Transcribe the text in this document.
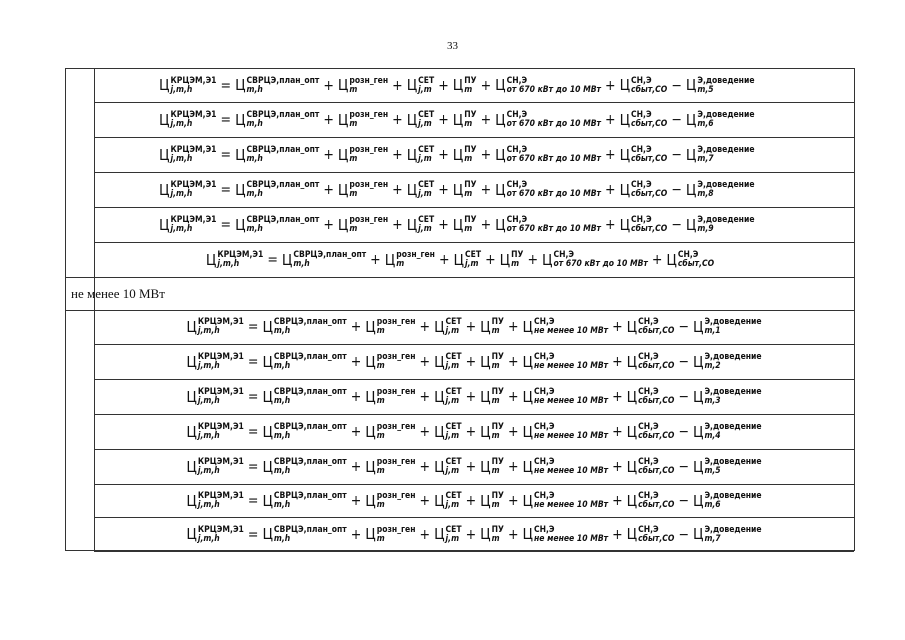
33
Ц КРЦЭМ,Э1
j,m,h	= Ц СВРЦЭ,план_опт
m,h	+ Ц розн_ген
m	+ Ц СЕТ
j,m + Ц ПУ
m + Ц СН,Э
от 670 кВт до 10 МВт + Ц СН,Э
сбыт,СО − Ц Э,доведение
m,5
Ц КРЦЭМ,Э1
j,m,h	= Ц СВРЦЭ,план_опт
m,h	+ Ц розн_ген
m	+ Ц СЕТ
j,m + Ц ПУ
m + Ц СН,Э
от 670 кВт до 10 МВт + Ц СН,Э
сбыт,СО − Ц Э,доведение
m,6
Ц КРЦЭМ,Э1
j,m,h	= Ц СВРЦЭ,план_опт
m,h	+ Ц розн_ген
m	+ Ц СЕТ
j,m + Ц ПУ
m + Ц СН,Э
от 670 кВт до 10 МВт + Ц СН,Э
сбыт,СО − Ц Э,доведение
m,7
Ц КРЦЭМ,Э1
j,m,h	= Ц СВРЦЭ,план_опт
m,h	+ Ц розн_ген
m	+ Ц СЕТ
j,m + Ц ПУ
m + Ц СН,Э
от 670 кВт до 10 МВт + Ц СН,Э
сбыт,СО − Ц Э,доведение
m,8
Ц КРЦЭМ,Э1
j,m,h	= Ц СВРЦЭ,план_опт
m,h	+ Ц розн_ген
m	+ Ц СЕТ
j,m + Ц ПУ
m + Ц СН,Э
от 670 кВт до 10 МВт + Ц СН,Э
сбыт,СО − Ц Э,доведение
m,9
Ц КРЦЭМ,Э1
j,m,h	= Ц СВРЦЭ,план_опт
m,h	+ Ц розн_ген
m	+ Ц СЕТ
j,m + Ц ПУ
m + Ц СН,Э
от 670 кВт до 10 МВт + Ц СН,Э
сбыт,СО
не менее 10 МВт
Ц КРЦЭМ,Э1
j,m,h	= Ц СВРЦЭ,план_опт
m,h	+ Ц розн_ген
m	+ Ц СЕТ
j,m + Ц ПУ
m + Ц СН,Э
не менее 10 МВт + Ц СН,Э
сбыт,СО − Ц Э,доведение
m,1
Ц КРЦЭМ,Э1
j,m,h	= Ц СВРЦЭ,план_опт
m,h	+ Ц розн_ген
m	+ Ц СЕТ
j,m + Ц ПУ
m + Ц СН,Э
не менее 10 МВт + Ц СН,Э
сбыт,СО − Ц Э,доведение
m,2
Ц КРЦЭМ,Э1
j,m,h	= Ц СВРЦЭ,план_опт
m,h	+ Ц розн_ген
m	+ Ц СЕТ
j,m + Ц ПУ
m + Ц СН,Э
не менее 10 МВт + Ц СН,Э
сбыт,СО − Ц Э,доведение
m,3
Ц КРЦЭМ,Э1
j,m,h	= Ц СВРЦЭ,план_опт
m,h	+ Ц розн_ген
m	+ Ц СЕТ
j,m + Ц ПУ
m + Ц СН,Э
не менее 10 МВт + Ц СН,Э
сбыт,СО − Ц Э,доведение
m,4
Ц КРЦЭМ,Э1
j,m,h	= Ц СВРЦЭ,план_опт
m,h	+ Ц розн_ген
m	+ Ц СЕТ
j,m + Ц ПУ
m + Ц СН,Э
не менее 10 МВт + Ц СН,Э
сбыт,СО − Ц Э,доведение
m,5
Ц КРЦЭМ,Э1
j,m,h	= Ц СВРЦЭ,план_опт
m,h	+ Ц розн_ген
m	+ Ц СЕТ
j,m + Ц ПУ
m + Ц СН,Э
не менее 10 МВт + Ц СН,Э
сбыт,СО − Ц Э,доведение
m,6
Ц КРЦЭМ,Э1
j,m,h	= Ц СВРЦЭ,план_опт
m,h	+ Ц розн_ген
m	+ Ц СЕТ
j,m + Ц ПУ
m + Ц СН,Э
не менее 10 МВт + Ц СН,Э
сбыт,СО − Ц Э,доведение
m,7
